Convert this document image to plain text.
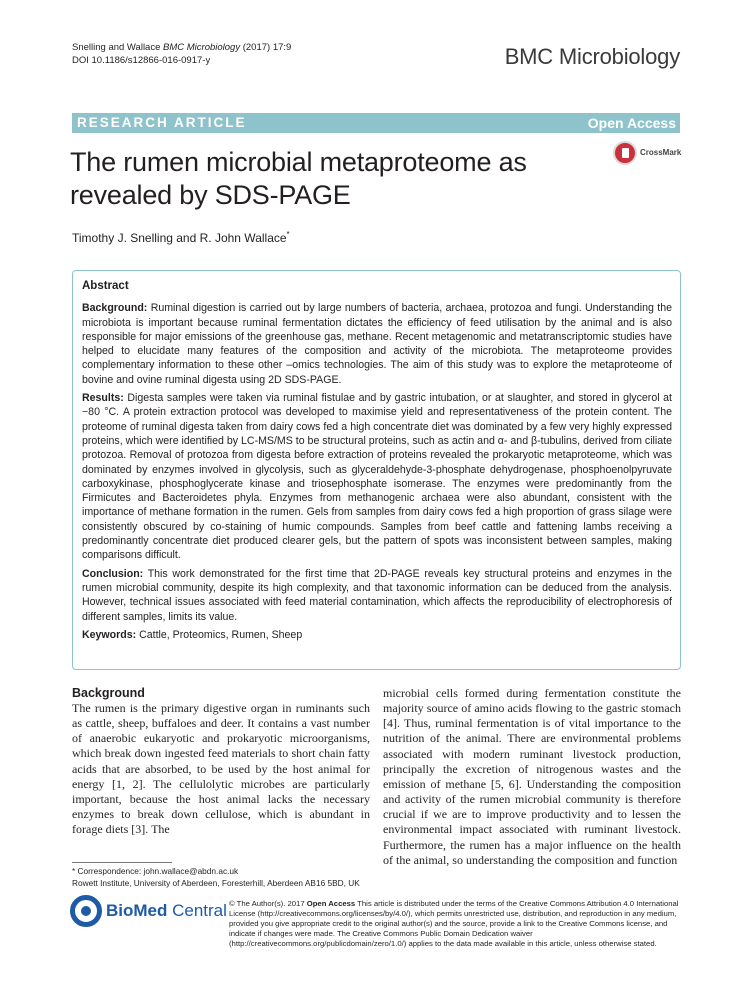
Snelling and Wallace BMC Microbiology (2017) 17:9
DOI 10.1186/s12866-016-0917-y	BMC Microbiology
RESEARCH ARTICLE	Open Access
The rumen microbial metaproteome as revealed by SDS-PAGE
CrossMark
Timothy J. Snelling and R. John Wallace*
Abstract

Background: Ruminal digestion is carried out by large numbers of bacteria, archaea, protozoa and fungi. Understanding the microbiota is important because ruminal fermentation dictates the efficiency of feed utilisation by the animal and is also responsible for major emissions of the greenhouse gas, methane. Recent metagenomic and metatranscriptomic studies have helped to elucidate many features of the composition and activity of the microbiota. The metaproteome provides complementary information to these other –omics technologies. The aim of this study was to explore the metaproteome of bovine and ovine ruminal digesta using 2D SDS-PAGE.

Results: Digesta samples were taken via ruminal fistulae and by gastric intubation, or at slaughter, and stored in glycerol at −80 °C. A protein extraction protocol was developed to maximise yield and representativeness of the protein content. The proteome of ruminal digesta taken from dairy cows fed a high concentrate diet was dominated by a few very highly expressed proteins, which were identified by LC-MS/MS to be structural proteins, such as actin and α- and β-tubulins, derived from ciliate protozoa. Removal of protozoa from digesta before extraction of proteins revealed the prokaryotic metaproteome, which was dominated by enzymes involved in glycolysis, such as glyceraldehyde-3-phosphate dehydrogenase, phosphoenolpyruvate carboxykinase, phosphoglycerate kinase and triosephosphate isomerase. The enzymes were predominantly from the Firmicutes and Bacteroidetes phyla. Enzymes from methanogenic archaea were also abundant, consistent with the importance of methane formation in the rumen. Gels from samples from dairy cows fed a high proportion of grass silage were consistently obscured by co-staining of humic compounds. Samples from beef cattle and fattening lambs receiving a predominantly concentrate diet produced clearer gels, but the pattern of spots was inconsistent between samples, making comparisons difficult.

Conclusion: This work demonstrated for the first time that 2D-PAGE reveals key structural proteins and enzymes in the rumen microbial community, despite its high complexity, and that taxonomic information can be deduced from the analysis. However, technical issues associated with feed material contamination, which affects the reproducibility of electrophoresis of different samples, limits its value.

Keywords: Cattle, Proteomics, Rumen, Sheep

Background
The rumen is the primary digestive organ in ruminants such as cattle, sheep, buffaloes and deer. It contains a vast number of anaerobic eukaryotic and prokaryotic microorganisms, which break down ingested feed materials to short chain fatty acids that are absorbed, to be used by the host animal for energy [1, 2]. The cellulolytic microbes are particularly important, because the host animal lacks the necessary enzymes to break down cellulose, which is abundant in forage diets [3]. The
microbial cells formed during fermentation constitute the majority source of amino acids flowing to the gastric stomach [4]. Thus, ruminal fermentation is of vital importance to the nutrition of the animal. There are environmental problems associated with modern ruminant livestock production, principally the excretion of nitrogenous wastes and the emission of methane [5, 6]. Understanding the composition and activity of the rumen microbial community is therefore crucial if we are to improve productivity and to lessen the environmental impact associated with ruminant livestock. Furthermore, the rumen has a major influence on the health of the animal, so understanding the composition and function
* Correspondence: john.wallace@abdn.ac.uk
Rowett Institute, University of Aberdeen, Foresterhill, Aberdeen AB16 5BD, UK
BioMed Central © The Author(s). 2017 Open Access This article is distributed under the terms of the Creative Commons Attribution 4.0 International License (http://creativecommons.org/licenses/by/4.0/), which permits unrestricted use, distribution, and reproduction in any medium, provided you give appropriate credit to the original author(s) and the source, provide a link to the Creative Commons license, and indicate if changes were made. The Creative Commons Public Domain Dedication waiver (http://creativecommons.org/publicdomain/zero/1.0/) applies to the data made available in this article, unless otherwise stated.
